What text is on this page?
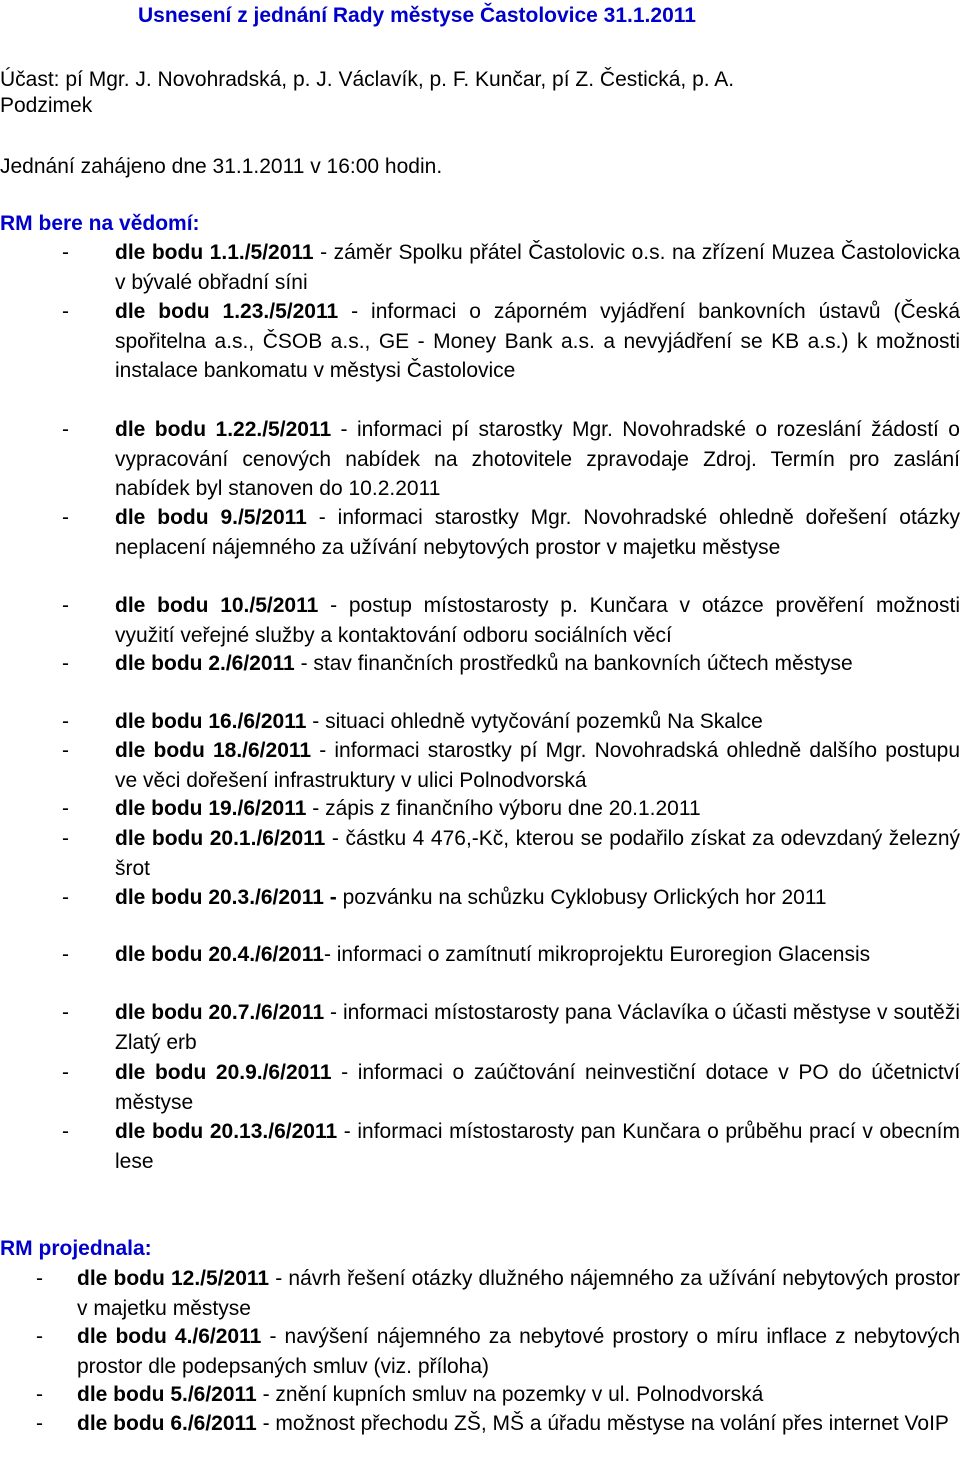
Usnesení z jednání Rady městyse Častolovice 31.1.2011
Účast: pí Mgr. J. Novohradská, p. J. Václavík, p. F. Kunčar, pí Z. Čestická, p. A.
Podzimek
Jednání zahájeno dne 31.1.2011 v 16:00 hodin.
RM bere na vědomí:
-	dle bodu 1.1./5/2011 - záměr Spolku přátel Častolovic o.s. na zřízení Muzea Častolovicka v bývalé obřadní síni
-	dle bodu 1.23./5/2011 - informaci o záporném vyjádření bankovních ústavů (Česká spořitelna a.s., ČSOB a.s., GE - Money Bank a.s. a nevyjádření se KB a.s.) k možnosti instalace bankomatu v městysi Častolovice
-	dle bodu 1.22./5/2011 - informaci pí starostky Mgr. Novohradské o rozeslání žádostí o vypracování cenových nabídek na zhotovitele zpravodaje Zdroj. Termín pro zaslání nabídek byl stanoven do 10.2.2011
-	dle bodu 9./5/2011 - informaci starostky Mgr. Novohradské ohledně dořešení otázky neplacení nájemného za užívání nebytových prostor v majetku městyse
-	dle bodu 10./5/2011 - postup místostarosty p. Kunčara v otázce prověření možnosti využití veřejné služby a kontaktování odboru sociálních věcí
-	dle bodu 2./6/2011 - stav finančních prostředků na bankovních účtech městyse
-	dle bodu 16./6/2011 - situaci ohledně vytyčování pozemků Na Skalce
-	dle bodu 18./6/2011 - informaci starostky pí Mgr. Novohradská ohledně dalšího postupu ve věci dořešení infrastruktury v ulici Polnodvorská
-	dle bodu 19./6/2011 - zápis z finančního výboru dne 20.1.2011
-	dle bodu 20.1./6/2011 - částku 4 476,-Kč, kterou se podařilo získat za odevzdaný železný šrot
-	dle bodu 20.3./6/2011 - pozvánku na schůzku Cyklobusy Orlických hor 2011
-	dle bodu 20.4./6/2011- informaci o zamítnutí mikroprojektu Euroregion Glacensis
-	dle bodu 20.7./6/2011 - informaci místostarosty pana Václavíka o účasti městyse v soutěži Zlatý erb
-	dle bodu 20.9./6/2011 - informaci o zaúčtování neinvestiční dotace v PO do účetnictví městyse
-	dle bodu 20.13./6/2011 - informaci místostarosty pan Kunčara o průběhu prací v obecním lese
RM projednala:
-	dle bodu 12./5/2011 - návrh řešení otázky dlužného nájemného za užívání nebytových prostor v majetku městyse
-	dle bodu 4./6/2011 - navýšení nájemného za nebytové prostory o míru inflace z nebytových prostor dle podepsaných smluv (viz. příloha)
-	dle bodu 5./6/2011 - znění kupních smluv na pozemky v ul. Polnodvorská
-	dle bodu 6./6/2011 - možnost přechodu ZŠ, MŠ a úřadu městyse na volání přes internet VoIP
